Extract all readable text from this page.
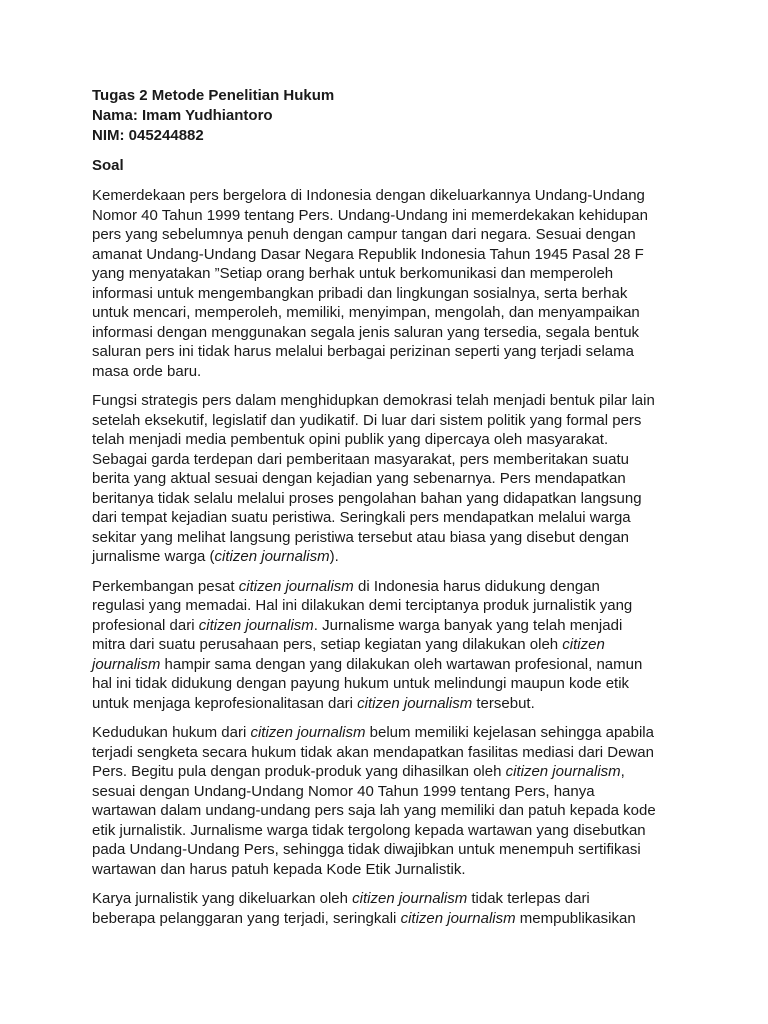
Tugas 2 Metode Penelitian Hukum

Nama: Imam Yudhiantoro

NIM: 045244882

Soal

Kemerdekaan pers bergelora di Indonesia dengan dikeluarkannya Undang-Undang
Nomor 40 Tahun 1999 tentang Pers. Undang-Undang ini memerdekakan kehidupan
pers yang sebelumnya penuh dengan campur tangan dari negara. Sesuai dengan
amanat Undang-Undang Dasar Negara Republik Indonesia Tahun 1945 Pasal 28 F
yang menyatakan ”Setiap orang berhak untuk berkomunikasi dan memperoleh
informasi untuk mengembangkan pribadi dan lingkungan sosialnya, serta berhak
untuk mencari, memperoleh, memiliki, menyimpan, mengolah, dan menyampaikan
informasi dengan menggunakan segala jenis saluran yang tersedia, segala bentuk
saluran pers ini tidak harus melalui berbagai perizinan seperti yang terjadi selama
masa orde baru.

Fungsi strategis pers dalam menghidupkan demokrasi telah menjadi bentuk pilar lain
setelah eksekutif, legislatif dan yudikatif. Di luar dari sistem politik yang formal pers
telah menjadi media pembentuk opini publik yang dipercaya oleh masyarakat.
Sebagai garda terdepan dari pemberitaan masyarakat, pers memberitakan suatu
berita yang aktual sesuai dengan kejadian yang sebenarnya. Pers mendapatkan
beritanya tidak selalu melalui proses pengolahan bahan yang didapatkan langsung
dari tempat kejadian suatu peristiwa. Seringkali pers mendapatkan melalui warga
sekitar yang melihat langsung peristiwa tersebut atau biasa yang disebut dengan
jurnalisme warga (citizen journalism).

Perkembangan pesat citizen journalism di Indonesia harus didukung dengan
regulasi yang memadai. Hal ini dilakukan demi terciptanya produk jurnalistik yang
profesional dari citizen journalism. Jurnalisme warga banyak yang telah menjadi
mitra dari suatu perusahaan pers, setiap kegiatan yang dilakukan oleh citizen
journalism hampir sama dengan yang dilakukan oleh wartawan profesional, namun
hal ini tidak didukung dengan payung hukum untuk melindungi maupun kode etik
untuk menjaga keprofesionalitasan dari citizen journalism tersebut.

Kedudukan hukum dari citizen journalism belum memiliki kejelasan sehingga apabila
terjadi sengketa secara hukum tidak akan mendapatkan fasilitas mediasi dari Dewan
Pers. Begitu pula dengan produk-produk yang dihasilkan oleh citizen journalism,
sesuai dengan Undang-Undang Nomor 40 Tahun 1999 tentang Pers, hanya
wartawan dalam undang-undang pers saja lah yang memiliki dan patuh kepada kode
etik jurnalistik. Jurnalisme warga tidak tergolong kepada wartawan yang disebutkan
pada Undang-Undang Pers, sehingga tidak diwajibkan untuk menempuh sertifikasi
wartawan dan harus patuh kepada Kode Etik Jurnalistik.

Karya jurnalistik yang dikeluarkan oleh citizen journalism tidak terlepas dari
beberapa pelanggaran yang terjadi, seringkali citizen journalism mempublikasikan
